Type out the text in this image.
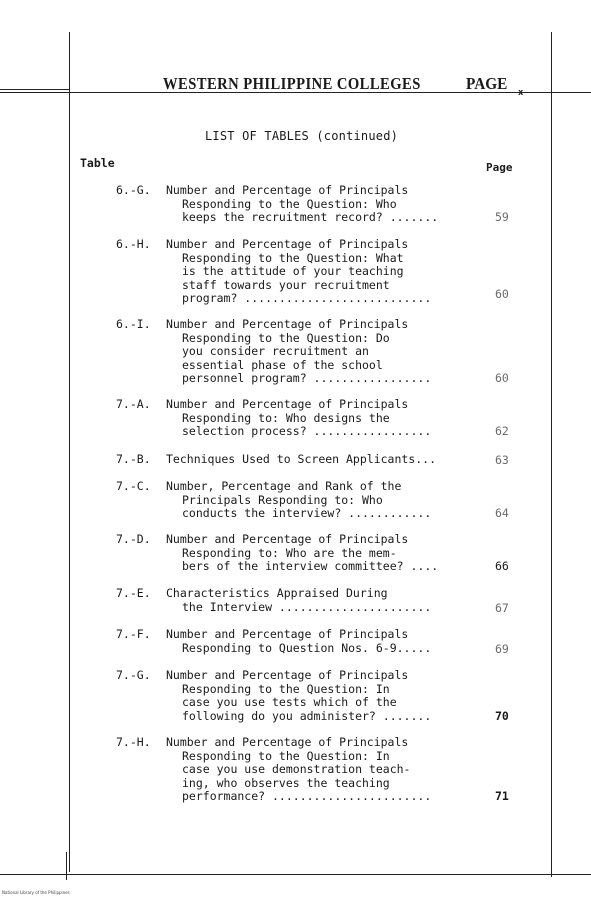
WESTERN PHILIPPINE COLLEGES	PAGE x
LIST OF TABLES (continued)
Table	Page
6.-G. Number and Percentage of Principals
Responding to the Question: Who
keeps the recruitment record? .......	59
6.-H. Number and Percentage of Principals
Responding to the Question: What
is the attitude of your teaching
staff towards your recruitment
program? ...........................	60
6.-I. Number and Percentage of Principals
Responding to the Question: Do
you consider recruitment an
essential phase of the school
personnel program? .................	60
7.-A. Number and Percentage of Principals
Responding to: Who designs the
selection process? .................	62
7.-B. Techniques Used to Screen Applicants...	63
7.-C. Number, Percentage and Rank of the
Principals Responding to: Who
conducts the interview? ............	64
7.-D. Number and Percentage of Principals
Responding to: Who are the mem-
bers of the interview committee? ....	66
7.-E. Characteristics Appraised During
the Interview ......................	67
7.-F. Number and Percentage of Principals
Responding to Question Nos. 6-9.....	69
7.-G. Number and Percentage of Principals
Responding to the Question: In
case you use tests which of the
following do you administer? .......	70
7.-H. Number and Percentage of Principals
Responding to the Question: In
case you use demonstration teach-
ing, who observes the teaching
performance? .......................	71
National Library of the Philippines
